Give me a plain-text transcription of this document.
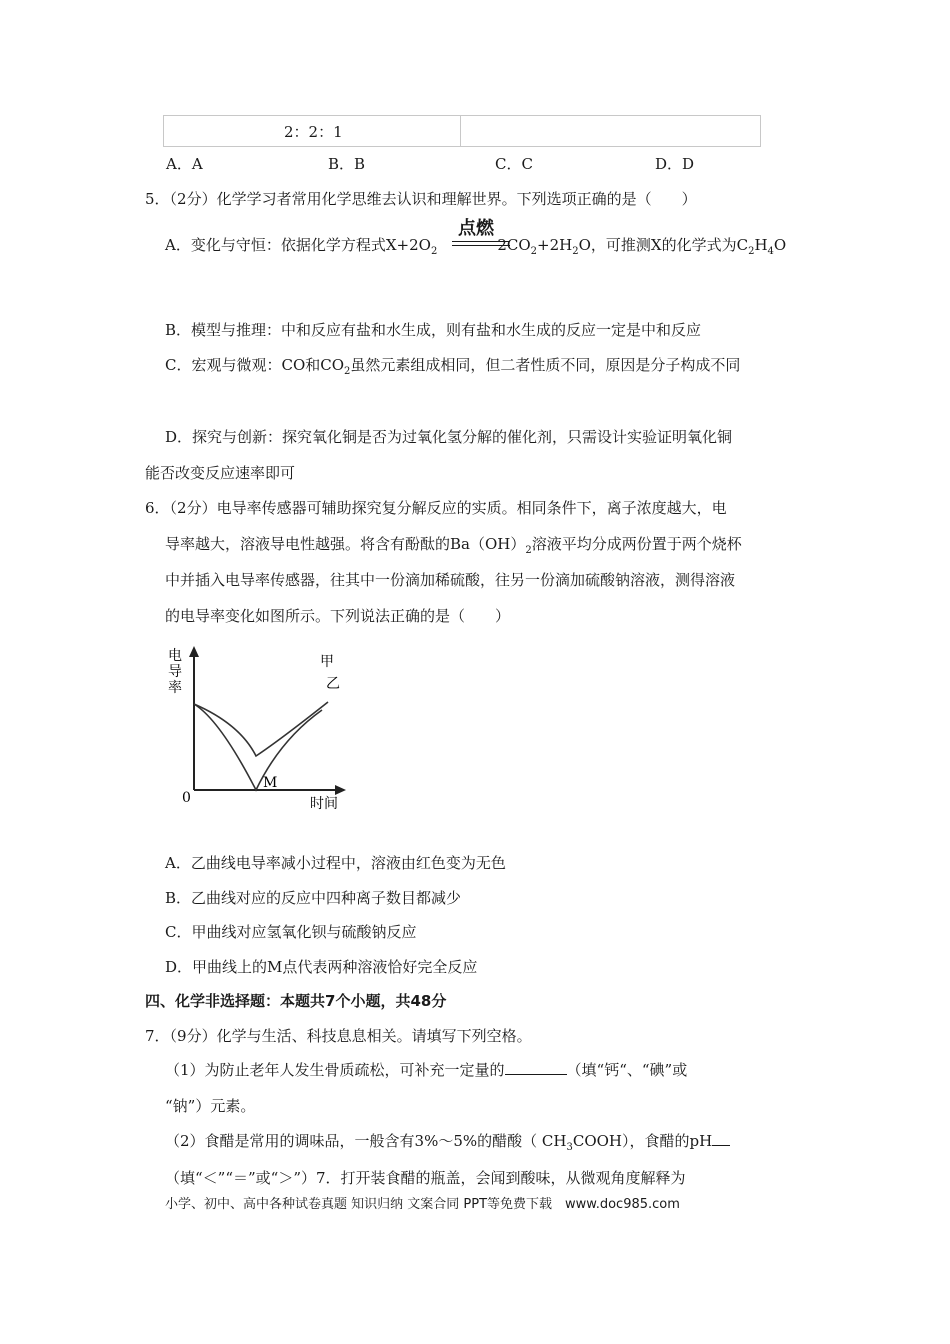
2：2：1
A．A	B．B	C．C	D．D
5．（2分）化学学习者常用化学思维去认识和理解世界。下列选项正确的是（　　）
点燃
A．变化与守恒：依据化学方程式$X+2O_2$	$2CO_2+2H_2O$，可推测X的化学式为$C_2H_4O$
B．模型与推理：中和反应有盐和水生成，则有盐和水生成的反应一定是中和反应
C．宏观与微观：CO和$CO_2$虽然元素组成相同，但二者性质不同，原因是分子构成不同
D．探究与创新：探究氧化铜是否为过氧化氢分解的催化剂，只需设计实验证明氧化铜
能否改变反应速率即可
6．（2分）电导率传感器可辅助探究复分解反应的实质。相同条件下，离子浓度越大，电
导率越大，溶液导电性越强。将含有酚酞的$Ba(OH)_2$溶液平均分成两份置于两个烧杯
中并插入电导率传感器，往其中一份滴加稀硫酸，往另一份滴加硫酸钠溶液，测得溶液
的电导率变化如图所示。下列说法正确的是（　　）
电
导
率
0	时间
甲
乙
M
A．乙曲线电导率减小过程中，溶液由红色变为无色
B．乙曲线对应的反应中四种离子数目都减少
C．甲曲线对应氢氧化钡与硫酸钠反应
D．甲曲线上的M点代表两种溶液恰好完全反应
四、化学非选择题：本题共7个小题，共48分
7．（9分）化学与生活、科技息息相关。请填写下列空格。
（1）为防止老年人发生骨质疏松，可补充一定量的	（填“钙“、“碘”或
“钠”）元素。
（2）食醋是常用的调味品，一般含有3%～5%的醋酸（ $CH_3COOH$），食醋的pH
（填“＜”“＝”或“＞”）7．打开装食醋的瓶盖，会闻到酸味，从微观角度解释为
小学、初中、高中各种试卷真题 知识归纳 文案合同 PPT等免费下载　www.doc985.com
